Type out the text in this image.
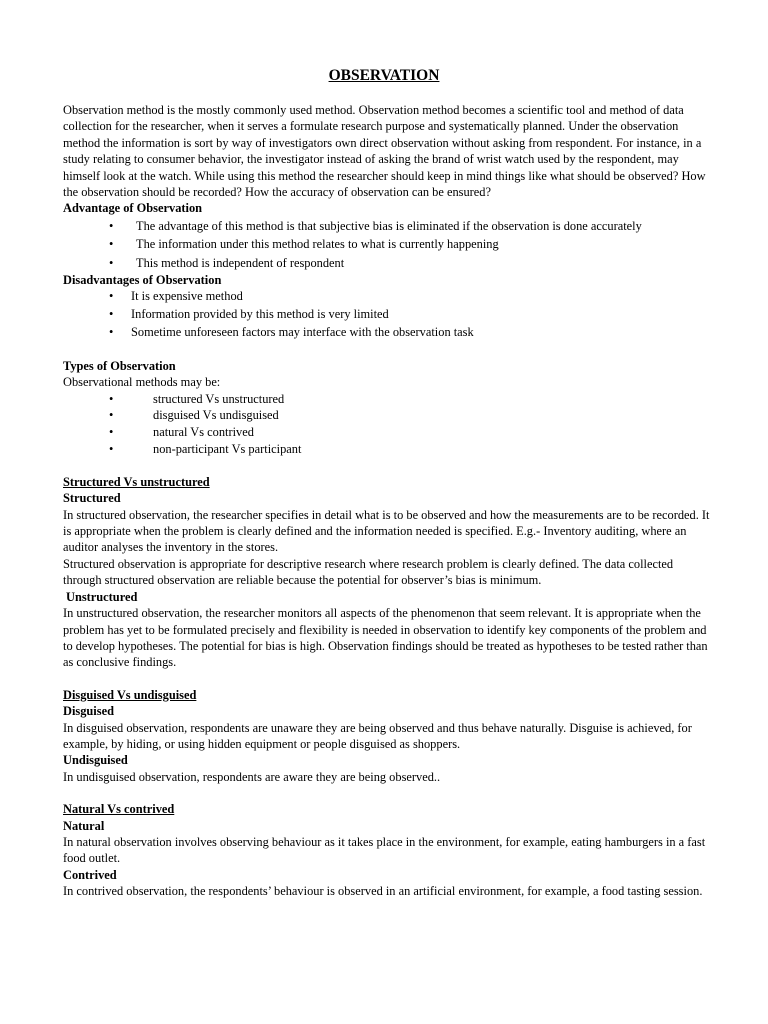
OBSERVATION

Observation method is the mostly commonly used method. Observation method becomes a scientific tool and method of data collection for the researcher, when it serves a formulate research purpose and systematically planned. Under the observation method the information is sort by way of investigators own direct observation without asking from respondent. For instance, in a study relating to consumer behavior, the investigator instead of asking the brand of wrist watch used by the respondent, may himself look at the watch. While using this method the researcher should keep in mind things like what should be observed? How the observation should be recorded? How the accuracy of observation can be ensured?

Advantage of Observation

• The advantage of this method is that subjective bias is eliminated if the observation is done accurately
• The information under this method relates to what is currently happening
• This method is independent of respondent

Disadvantages of Observation

• It is expensive method
• Information provided by this method is very limited
• Sometime unforeseen factors may interface with the observation task

Types of Observation

Observational methods may be:

•	structured Vs unstructured
•	disguised Vs undisguised
•	natural Vs contrived
•	non-participant Vs participant

Structured Vs unstructured

Structured

In structured observation, the researcher specifies in detail what is to be observed and how the measurements are to be recorded. It is appropriate when the problem is clearly defined and the information needed is specified. E.g.- Inventory auditing, where an auditor analyses the inventory in the stores.

Structured observation is appropriate for descriptive research where research problem is clearly defined. The data collected through structured observation are reliable because the potential for observer’s bias is minimum.

Unstructured

In unstructured observation, the researcher monitors all aspects of the phenomenon that seem relevant. It is appropriate when the problem has yet to be formulated precisely and flexibility is needed in observation to identify key components of the problem and to develop hypotheses. The potential for bias is high. Observation findings should be treated as hypotheses to be tested rather than as conclusive findings.

Disguised Vs undisguised

Disguised

In disguised observation, respondents are unaware they are being observed and thus behave naturally. Disguise is achieved, for example, by hiding, or using hidden equipment or people disguised as shoppers.

Undisguised

In undisguised observation, respondents are aware they are being observed..

Natural Vs contrived

Natural

In natural observation involves observing behaviour as it takes place in the environment, for example, eating hamburgers in a fast food outlet.

Contrived

In contrived observation, the respondents’ behaviour is observed in an artificial environment, for example, a food tasting session.
